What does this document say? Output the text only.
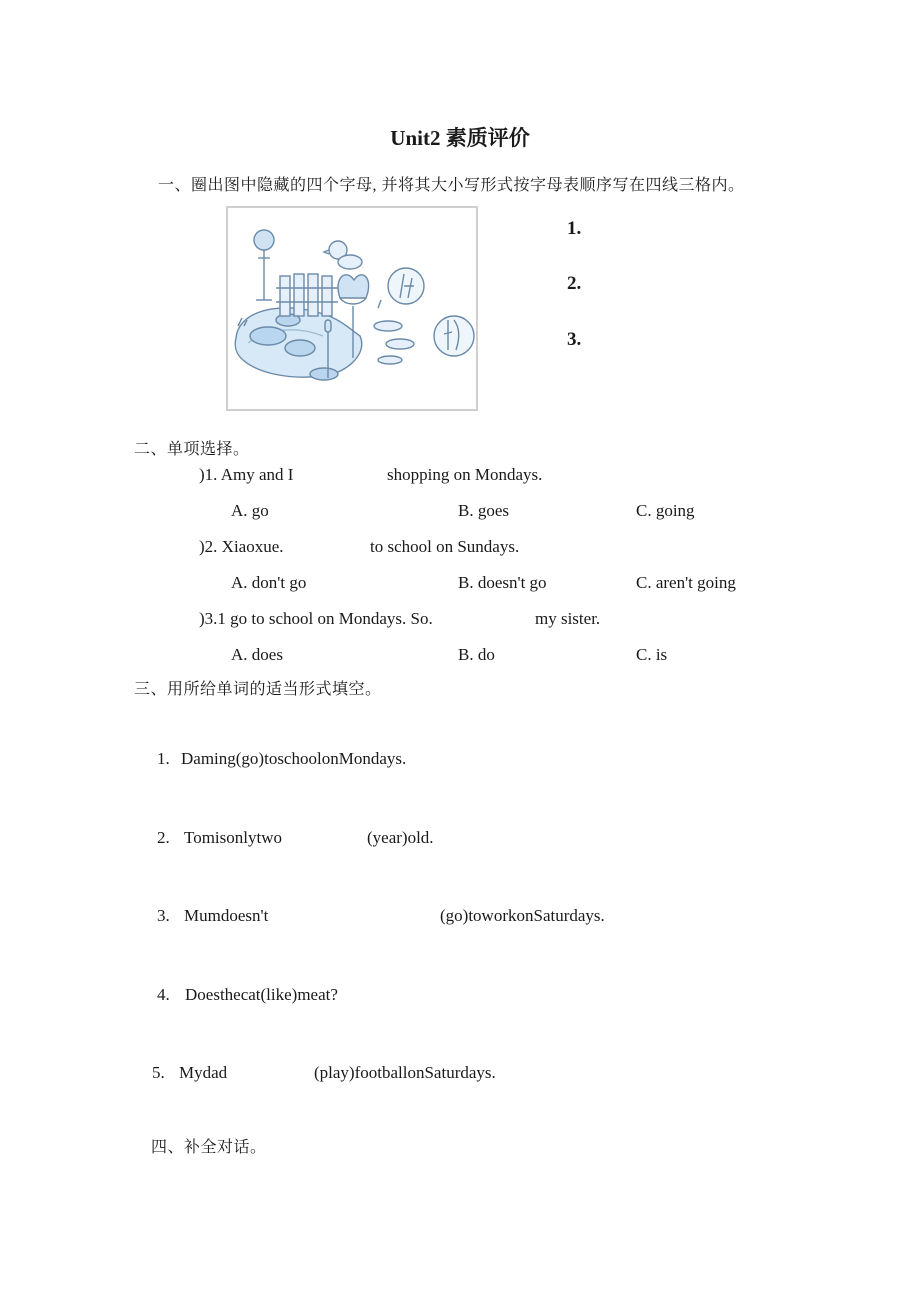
Unit2 素质评价
一、圈出图中隐藏的四个字母, 并将其大小写形式按字母表顺序写在四线三格内。
1.
2.
3.
二、单项选择。
)1. Amy and I	shopping on Mondays.
A. go	B. goes	C. going
)2. Xiaoxue.	to school on Sundays.
A. don't go	B. doesn't go	C. aren't going
)3.1 go to school on Mondays. So.	my sister.
A. does	B. do	C. is
三、用所给单词的适当形式填空。
1. Daming(go)toschoolonMondays.
2. Tomisonlytwo	(year)old.
3. Mumdoesn't	(go)toworkonSaturdays.
4. Doesthecat(like)meat?
5. Mydad	(play)footballonSaturdays.
四、补全对话。
